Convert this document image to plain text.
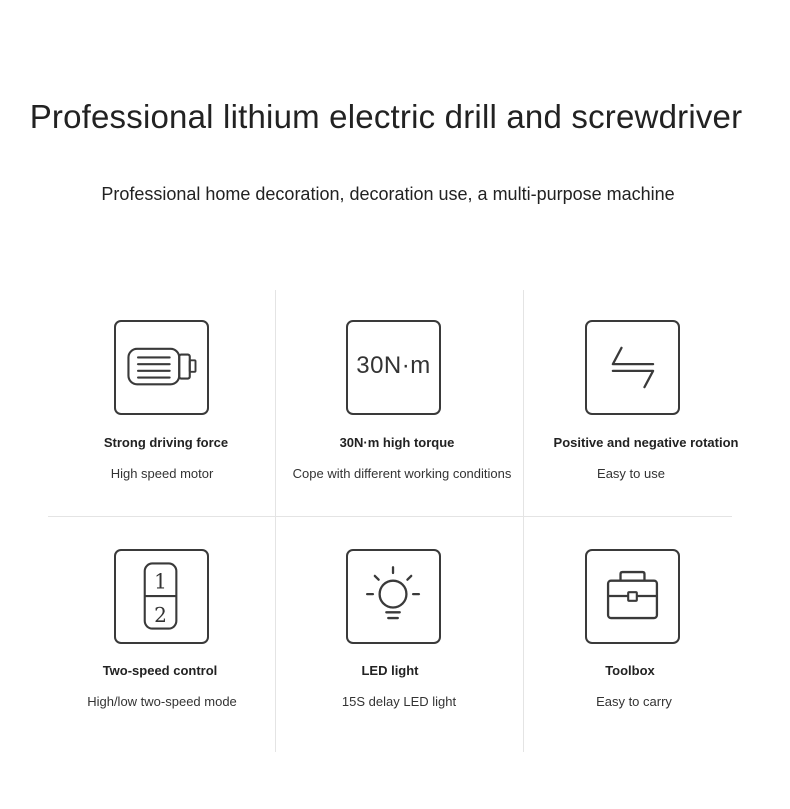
Professional lithium electric drill and screwdriver
Professional home decoration, decoration use, a multi-purpose machine
Strong driving force
High speed motor
30N·m
30N·m high torque
Cope with different working conditions
Positive and negative rotation
Easy to use
1
2
Two-speed control
High/low two-speed mode
LED light
15S delay LED light
Toolbox
Easy to carry
